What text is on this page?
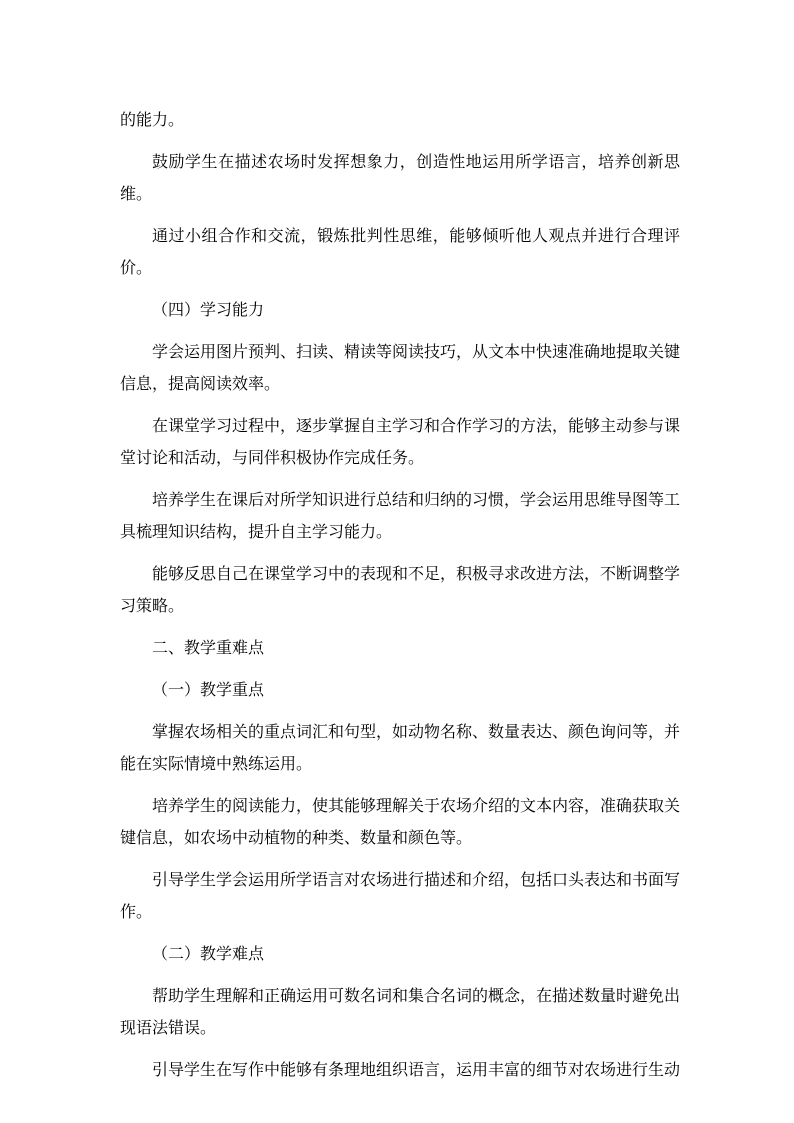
的能力。

鼓励学生在描述农场时发挥想象力，创造性地运用所学语言，培养创新思维。

通过小组合作和交流，锻炼批判性思维，能够倾听他人观点并进行合理评价。

（四）学习能力

学会运用图片预判、扫读、精读等阅读技巧，从文本中快速准确地提取关键信息，提高阅读效率。

在课堂学习过程中，逐步掌握自主学习和合作学习的方法，能够主动参与课堂讨论和活动，与同伴积极协作完成任务。

培养学生在课后对所学知识进行总结和归纳的习惯，学会运用思维导图等工具梳理知识结构，提升自主学习能力。

能够反思自己在课堂学习中的表现和不足，积极寻求改进方法，不断调整学习策略。

二、教学重难点

（一）教学重点

掌握农场相关的重点词汇和句型，如动物名称、数量表达、颜色询问等，并能在实际情境中熟练运用。

培养学生的阅读能力，使其能够理解关于农场介绍的文本内容，准确获取关键信息，如农场中动植物的种类、数量和颜色等。

引导学生学会运用所学语言对农场进行描述和介绍，包括口头表达和书面写作。

（二）教学难点

帮助学生理解和正确运用可数名词和集合名词的概念，在描述数量时避免出现语法错误。

引导学生在写作中能够有条理地组织语言，运用丰富的细节对农场进行生动
